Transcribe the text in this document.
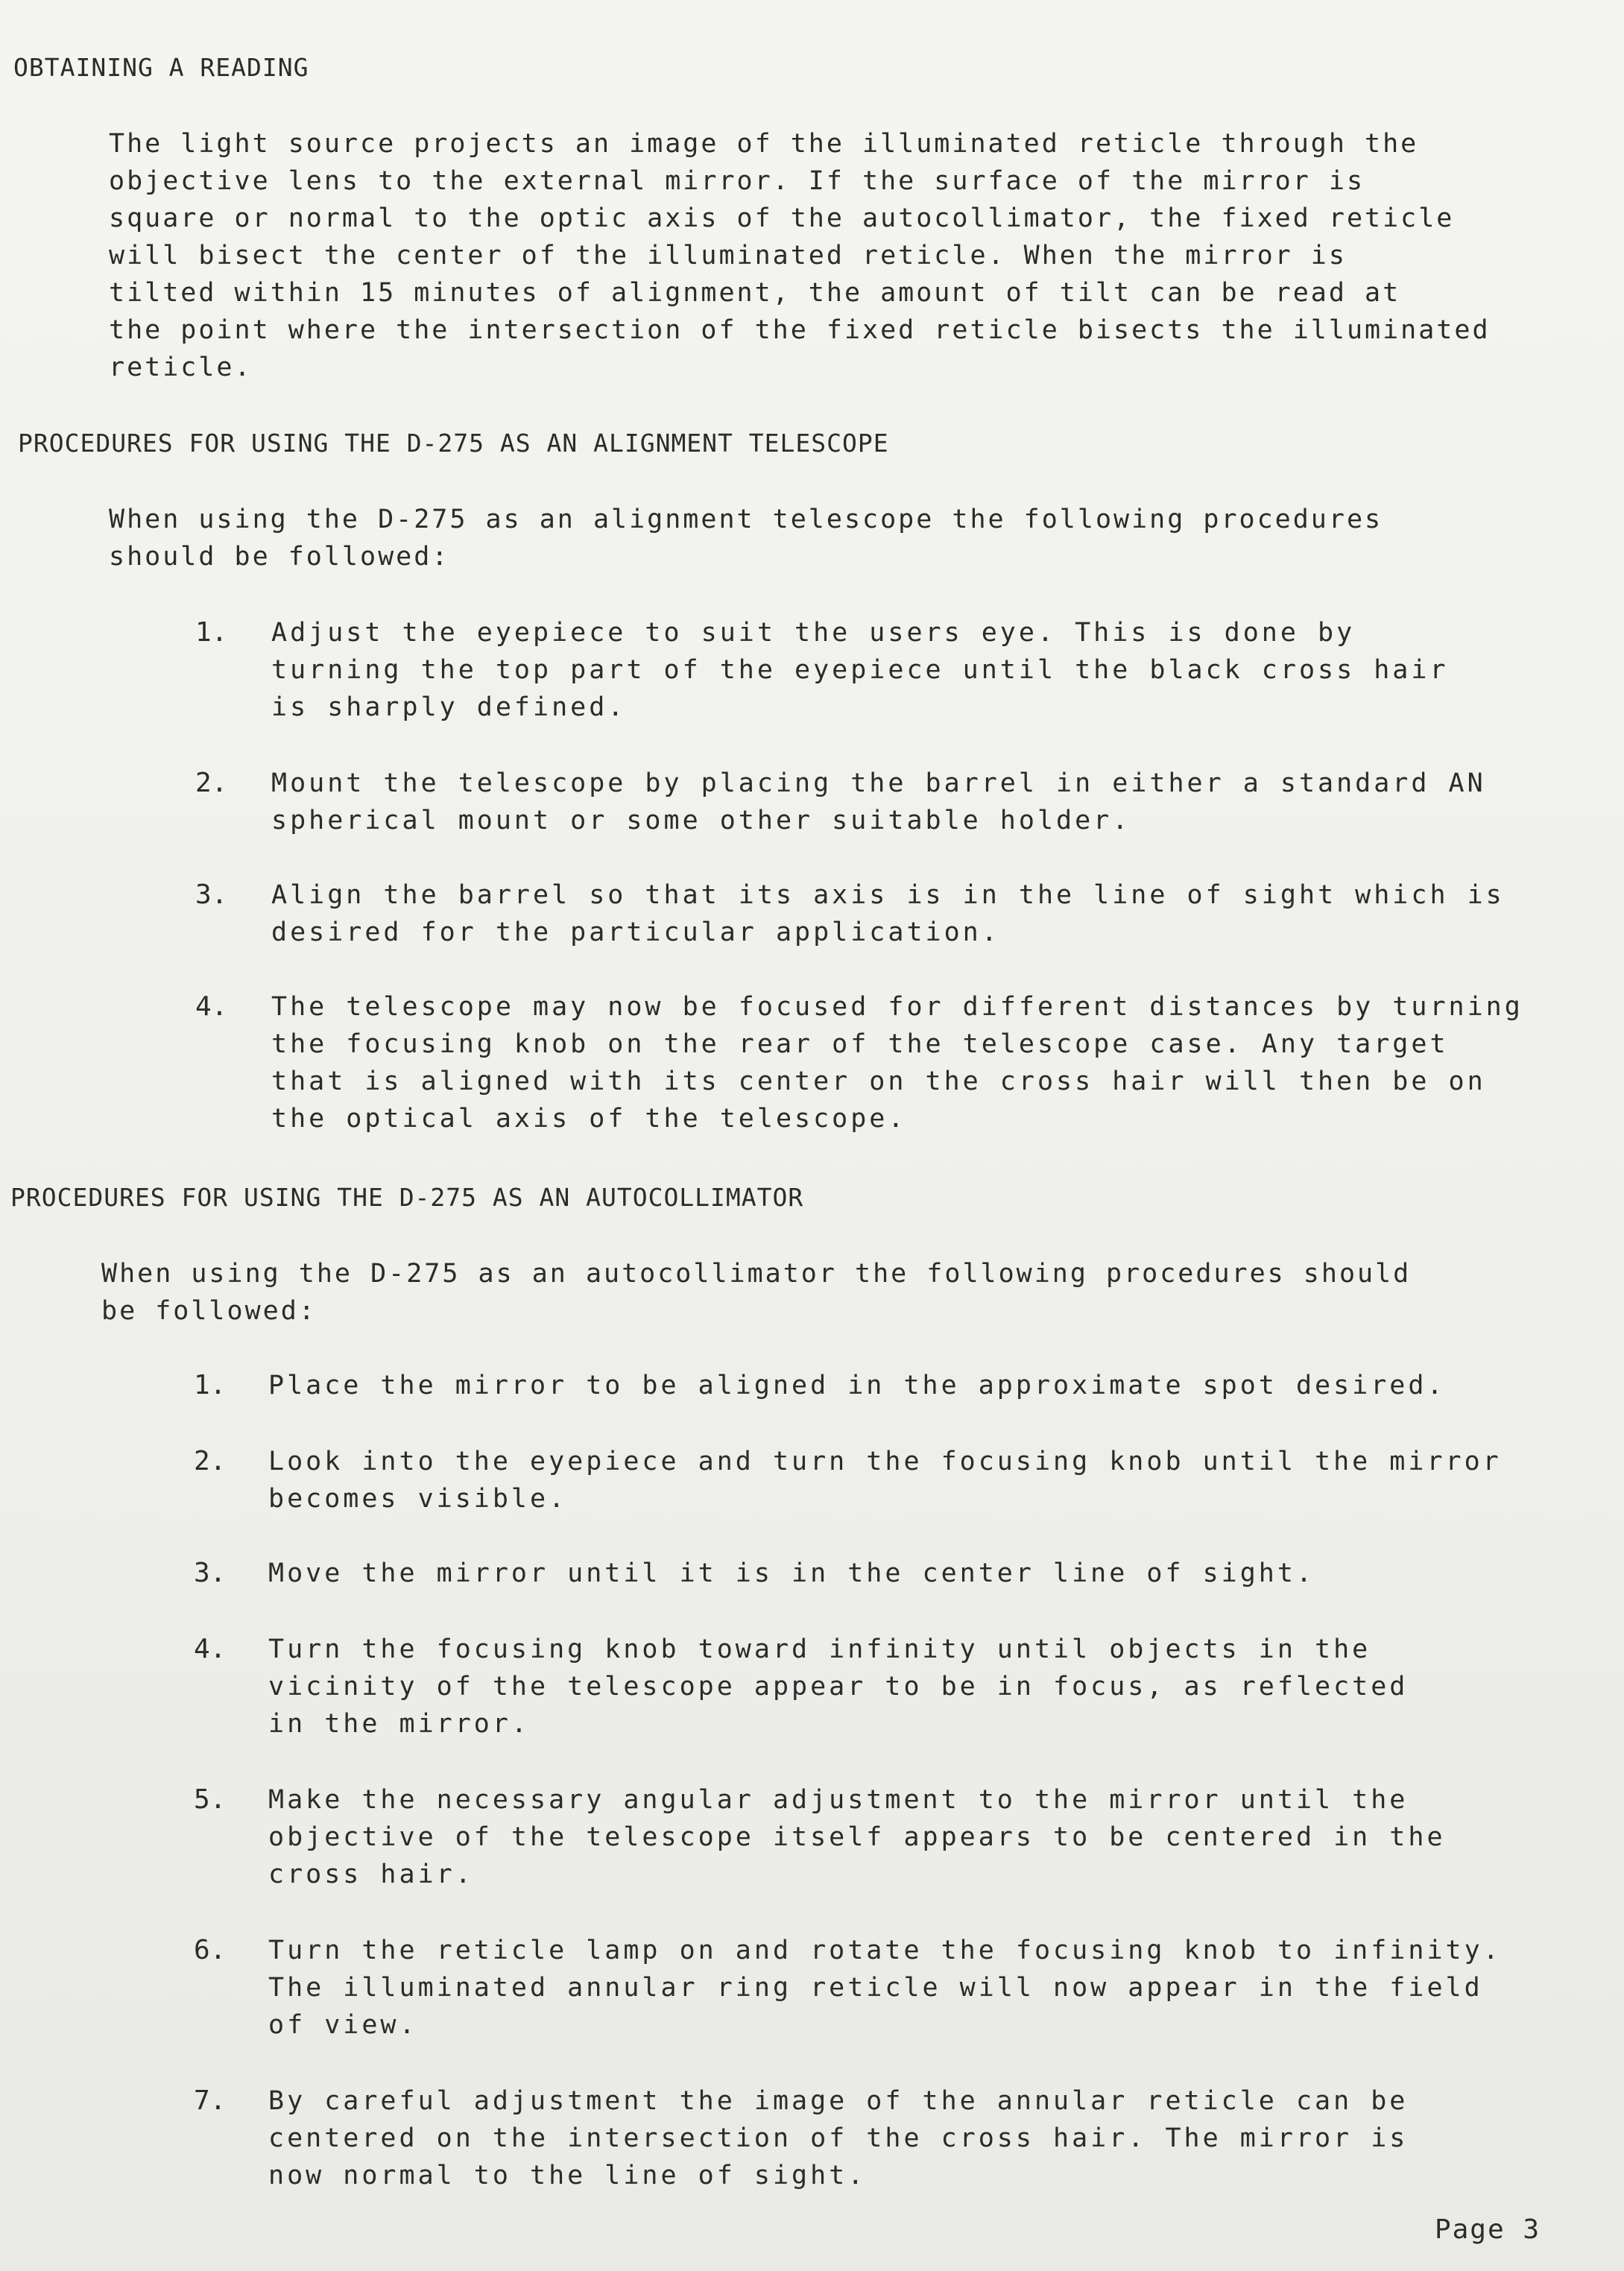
OBTAINING A READING

The light source projects an image of the illuminated reticle through the
objective lens to the external mirror. If the surface of the mirror is
square or normal to the optic axis of the autocollimator, the fixed reticle
will bisect the center of the illuminated reticle. When the mirror is
tilted within 15 minutes of alignment, the amount of tilt can be read at
the point where the intersection of the fixed reticle bisects the illuminated
reticle.

PROCEDURES FOR USING THE D-275 AS AN ALIGNMENT TELESCOPE

When using the D-275 as an alignment telescope the following procedures
should be followed:

1. Adjust the eyepiece to suit the users eye. This is done by
turning the top part of the eyepiece until the black cross hair
is sharply defined.

2. Mount the telescope by placing the barrel in either a standard AN
spherical mount or some other suitable holder.

3. Align the barrel so that its axis is in the line of sight which is
desired for the particular application.

4. The telescope may now be focused for different distances by turning
the focusing knob on the rear of the telescope case. Any target
that is aligned with its center on the cross hair will then be on
the optical axis of the telescope.

PROCEDURES FOR USING THE D-275 AS AN AUTOCOLLIMATOR

When using the D-275 as an autocollimator the following procedures should
be followed:

1. Place the mirror to be aligned in the approximate spot desired.

2. Look into the eyepiece and turn the focusing knob until the mirror
becomes visible.

3. Move the mirror until it is in the center line of sight.

4. Turn the focusing knob toward infinity until objects in the
vicinity of the telescope appear to be in focus, as reflected
in the mirror.

5. Make the necessary angular adjustment to the mirror until the
objective of the telescope itself appears to be centered in the
cross hair.

6. Turn the reticle lamp on and rotate the focusing knob to infinity.
The illuminated annular ring reticle will now appear in the field
of view.

7. By careful adjustment the image of the annular reticle can be
centered on the intersection of the cross hair. The mirror is
now normal to the line of sight.

Page 3
